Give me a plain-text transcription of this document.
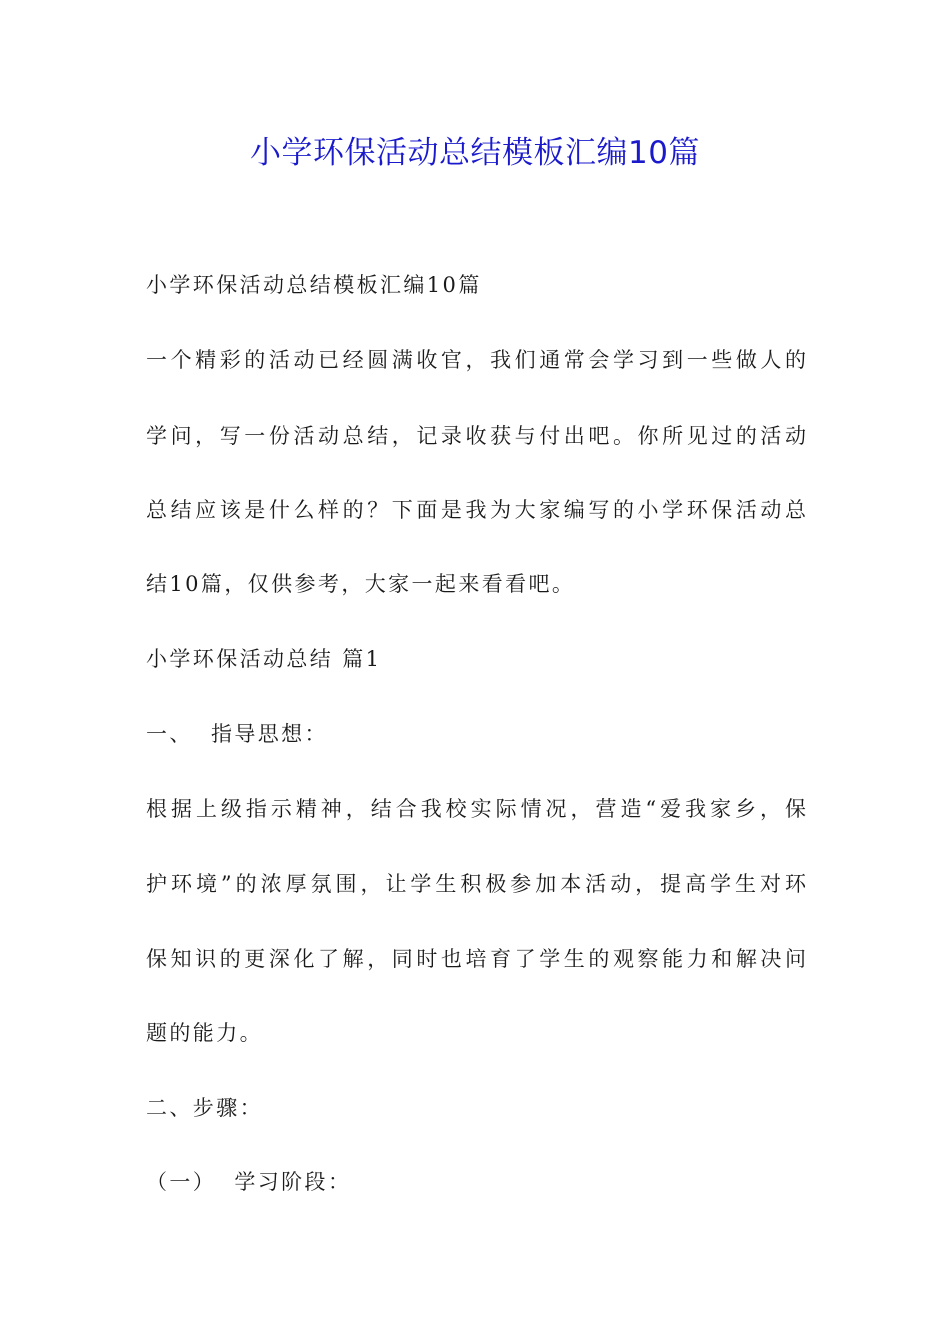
小学环保活动总结模板汇编10篇
小学环保活动总结模板汇编10篇
一个精彩的活动已经圆满收官，我们通常会学习到一些做人的
学问，写一份活动总结，记录收获与付出吧。你所见过的活动
总结应该是什么样的？下面是我为大家编写的小学环保活动总
结10篇，仅供参考，大家一起来看看吧。
小学环保活动总结 篇1
一、  指导思想：
根据上级指示精神，结合我校实际情况，营造“爱我家乡，保
护环境”的浓厚氛围，让学生积极参加本活动，提高学生对环
保知识的更深化了解，同时也培育了学生的观察能力和解决问
题的能力。
二、步骤：
（一）  学习阶段：
